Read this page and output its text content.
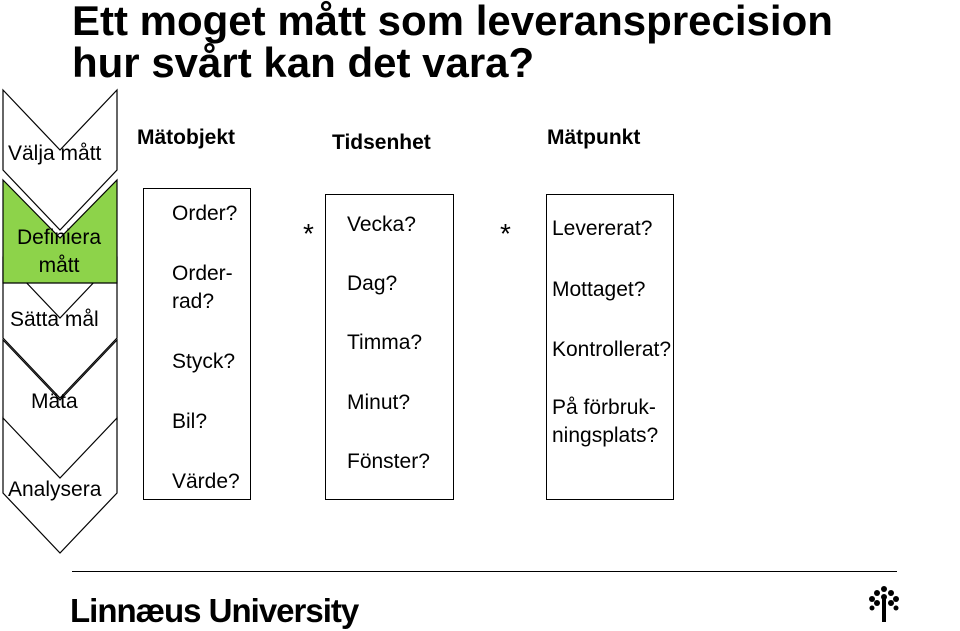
Ett moget mått som leveransprecision
hur svårt kan det vara?
Välja mått
Definiera
mått
Sätta mål
Mäta
Analysera
Mätobjekt	Tidsenhet	Mätpunkt
Order?
Order-
rad?
Styck?
Bil?
Värde?
Vecka?
Dag?
Timma?
Minut?
Fönster?
Levererat?
Mottaget?
Kontrollerat?
På förbruk-
ningsplats?
*	*
Linnæus University
